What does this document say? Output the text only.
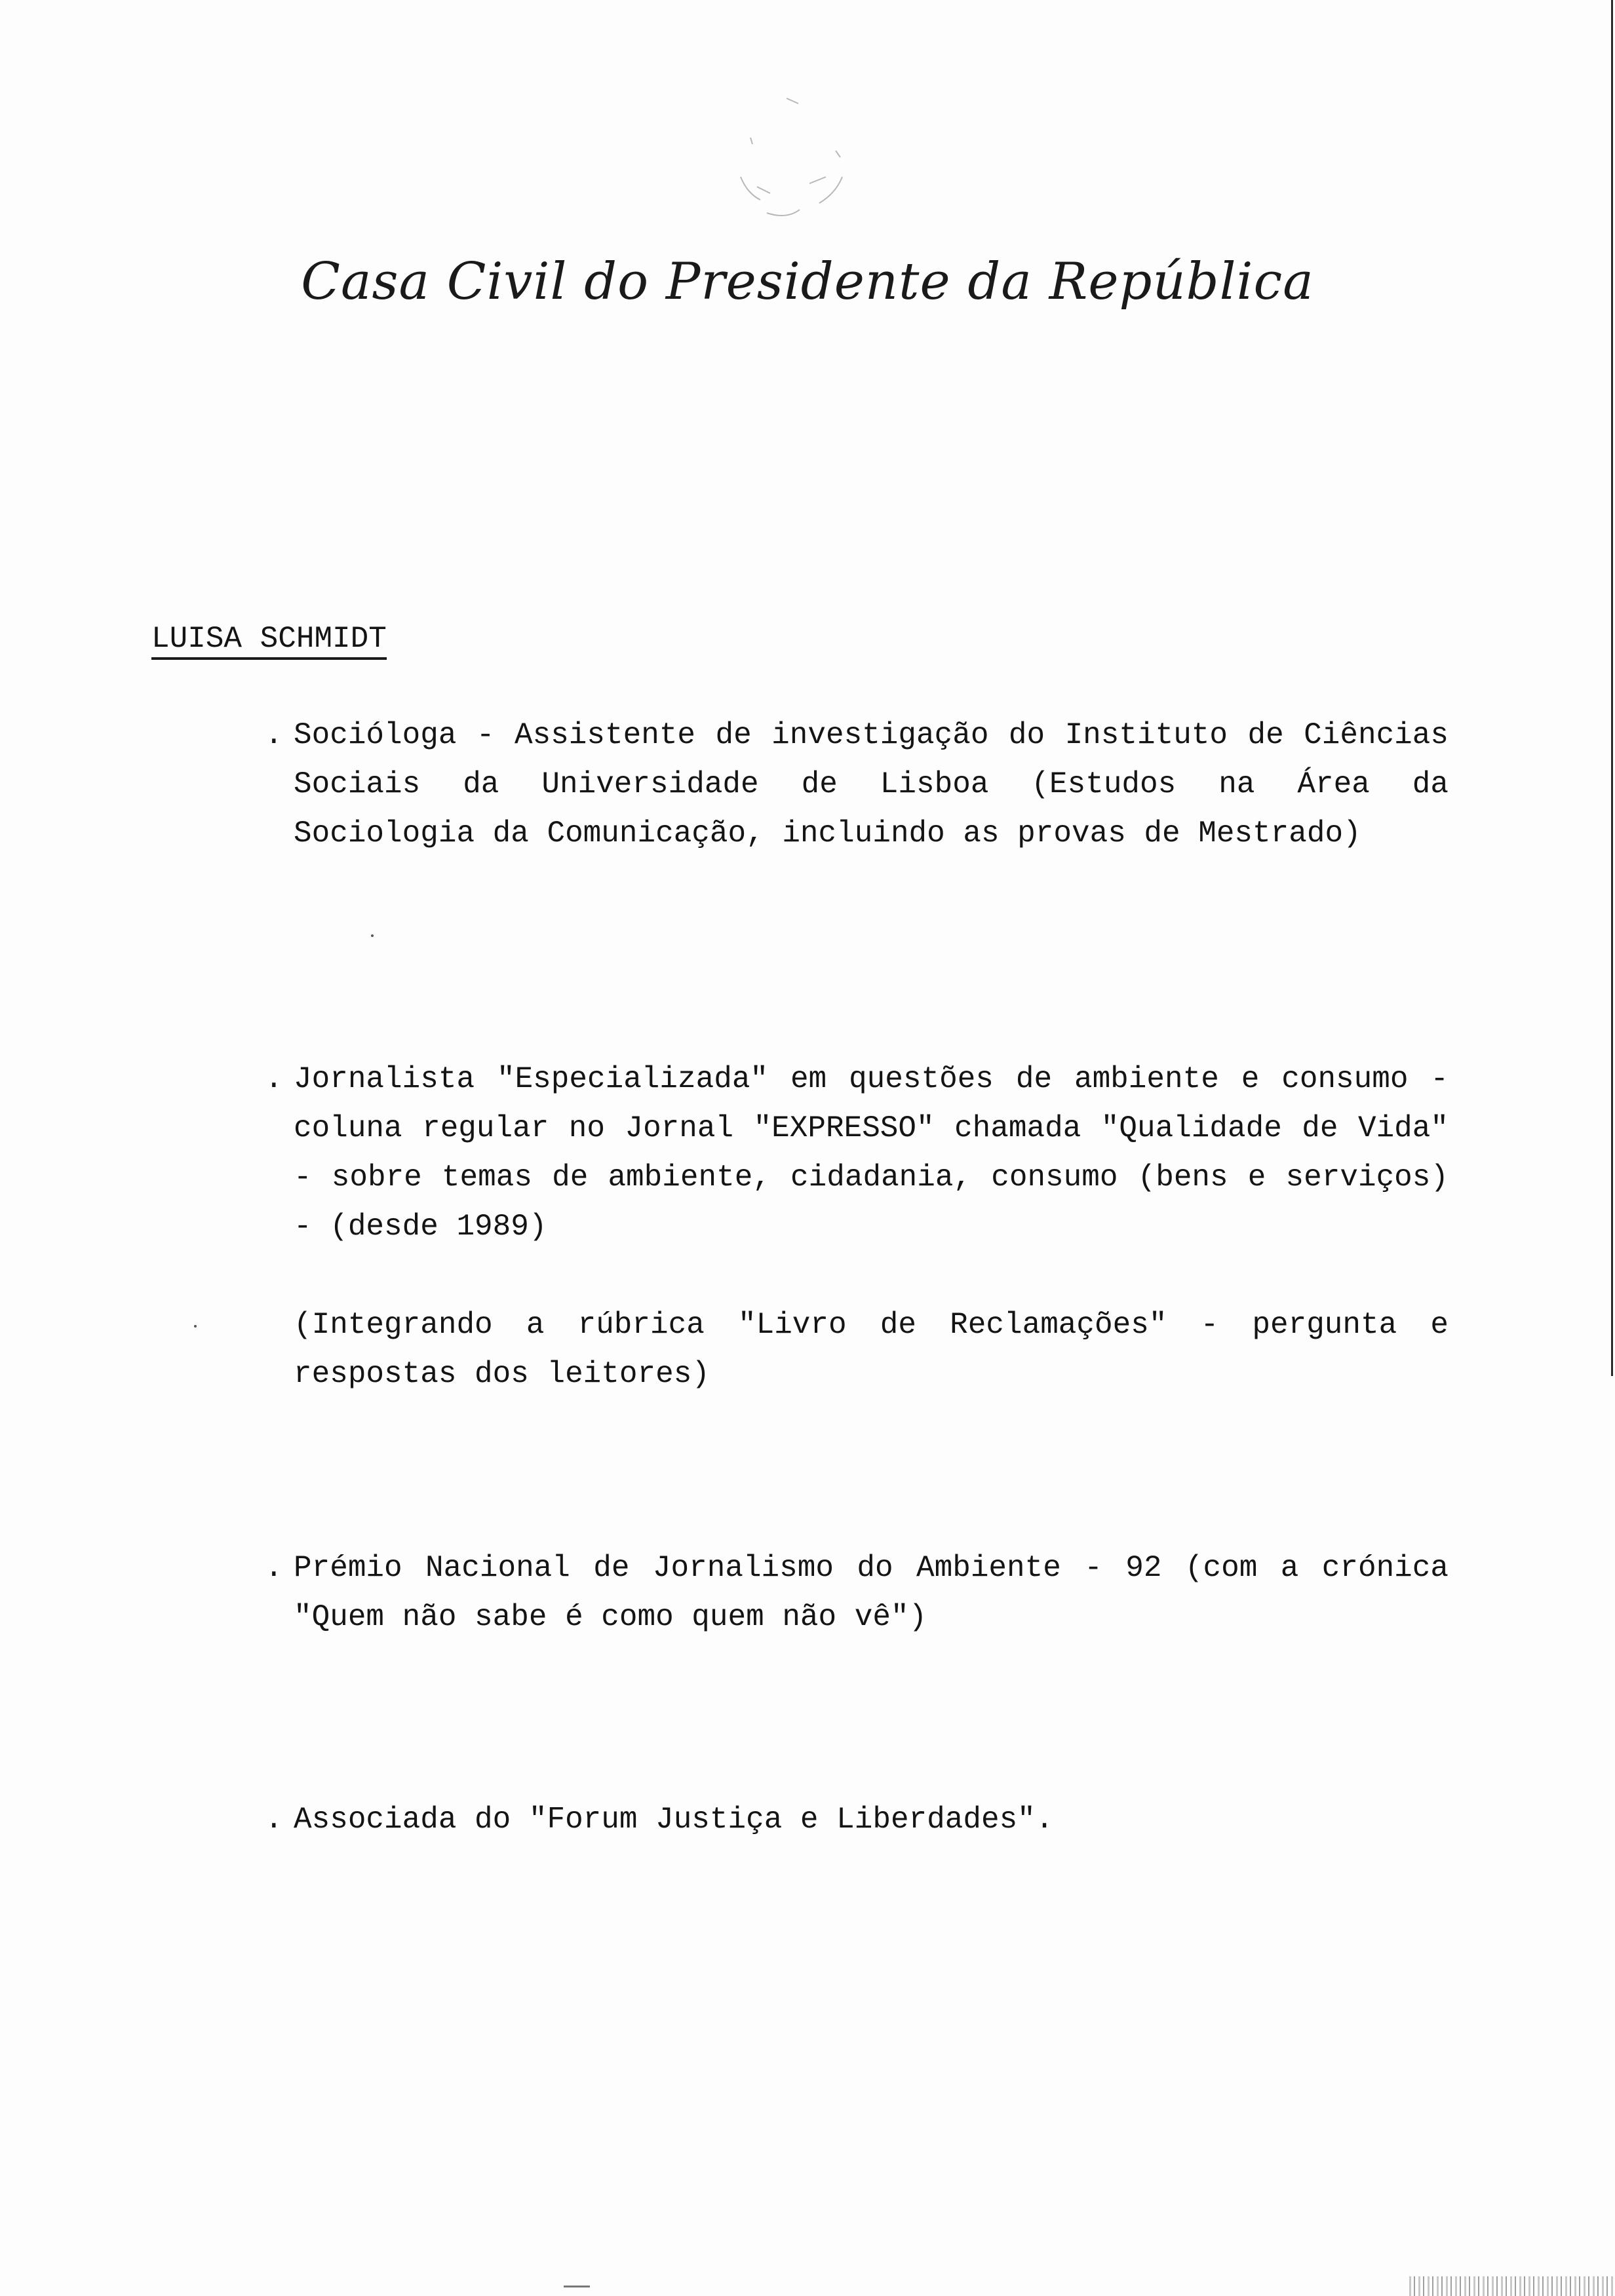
Casa Civil do Presidente da República
LUISA SCHMIDT
. Socióloga - Assistente de investigação do Instituto de Ciências Sociais da Universidade de Lisboa (Estudos na Área da Sociologia da Comunicação, incluindo as provas de Mestrado)

. Jornalista "Especializada" em questões de ambiente e consumo - coluna regular no Jornal "EXPRESSO" chamada "Qualidade de Vida" - sobre temas de ambiente, cidadania, consumo (bens e serviços) - (desde 1989)

(Integrando a rúbrica "Livro de Reclamações" - pergunta e respostas dos leitores)

. Prémio Nacional de Jornalismo do Ambiente - 92 (com a crónica "Quem não sabe é como quem não vê")

. Associada do "Forum Justiça e Liberdades".
